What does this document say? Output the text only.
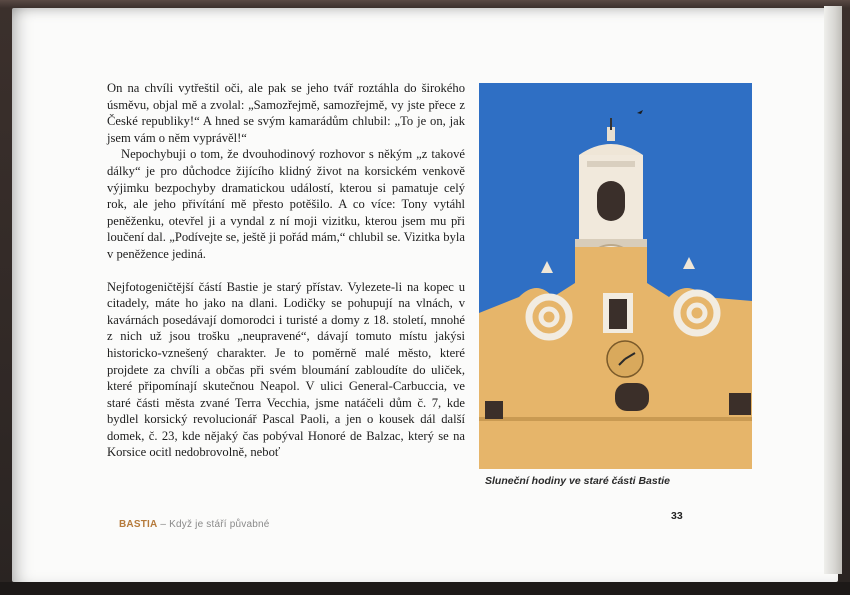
On na chvíli vytřeštil oči, ale pak se jeho tvář roztáhla do širokého úsměvu, objal mě a zvolal: „Samozřejmě, samozřejmě, vy jste přece z České republiky!“ A hned se svým kamarádům chlubil: „To je on, jak jsem vám o něm vyprávěl!“

Nepochybuji o tom, že dvouhodinový rozhovor s někým „z takové dálky“ je pro důchodce žijícího klidný život na korsickém venkově výjimku bezpochyby dramatickou událostí, kterou si pamatuje celý rok, ale jeho přivítání mě přesto potěšilo. A co více: Tony vytáhl peněženku, otevřel ji a vyndal z ní moji vizitku, kterou jsem mu při loučení dal. „Podívejte se, ještě ji pořád mám,“ chlubil se. Vizitka byla v peněžence jediná.

Nejfotogeničtější částí Bastie je starý přístav. Vylezete-li na kopec u citadely, máte ho jako na dlani. Lodičky se pohupují na vlnách, v kavárnách posedávají domorodci i turisté a domy z 18. století, mnohé z nich už jsou trošku „neupravené“, dávají tomuto místu jakýsi historicko-vznešený charakter. Je to poměrně malé město, které projdete za chvíli a občas při svém bloumání zabloudíte do uliček, které připomínají skutečnou Neapol. V ulici General-Carbuccia, ve staré části města zvané Terra Vecchia, jsme natáčeli dům č. 7, kde bydlel korsický revolucionář Pascal Paoli, a jen o kousek dál další domek, č. 23, kde nějaký čas pobýval Honoré de Balzac, který se na Korsice ocitl nedobrovolně, neboť

Sluneční hodiny ve staré části Bastie
BASTIA – Když je stáří půvabné
33
